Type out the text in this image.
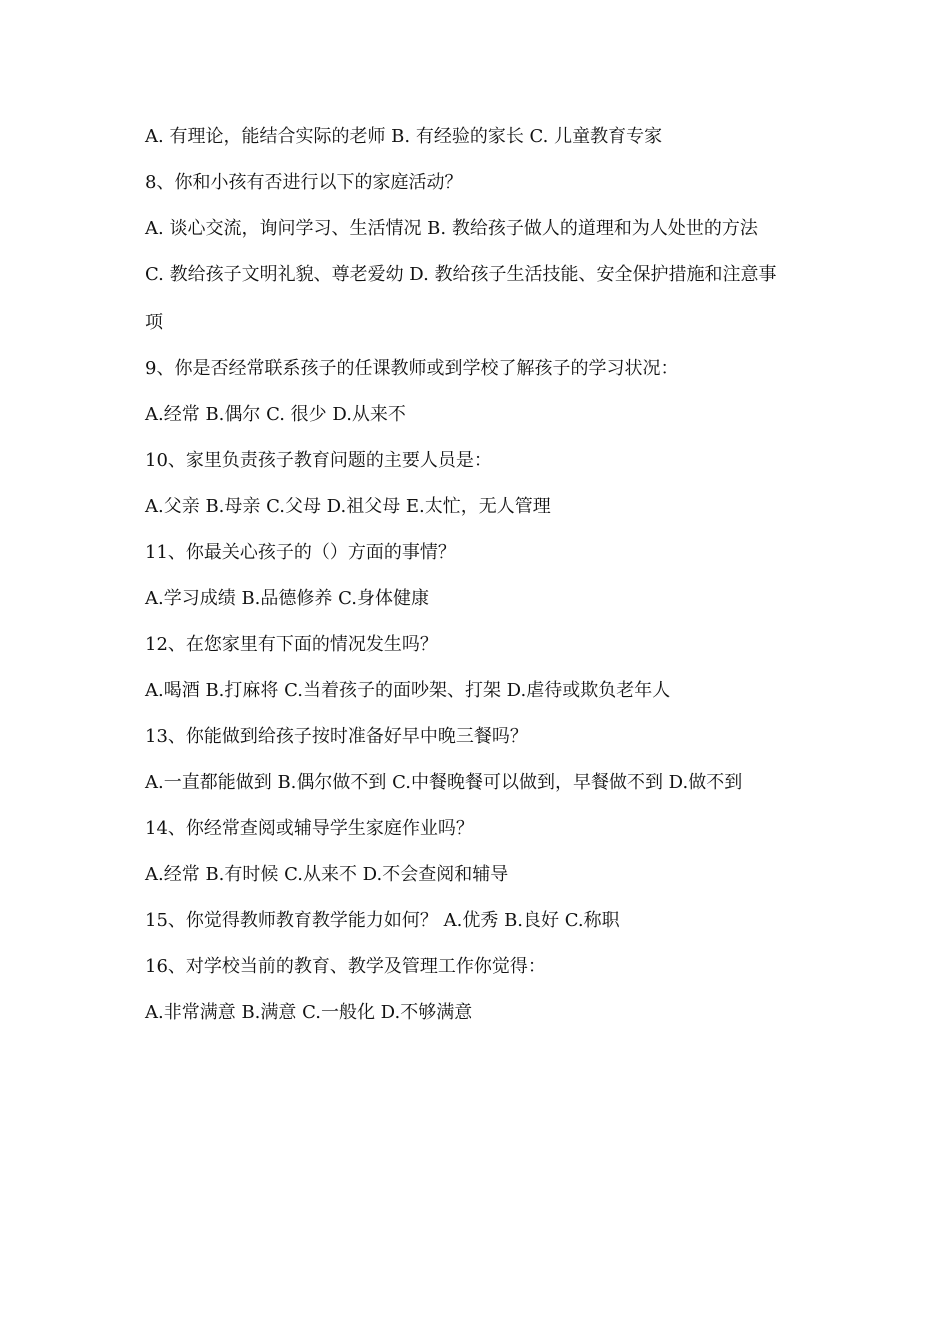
A. 有理论，能结合实际的老师 B. 有经验的家长 C. 儿童教育专家
8、你和小孩有否进行以下的家庭活动？
A. 谈心交流，询问学习、生活情况 B. 教给孩子做人的道理和为人处世的方法
C. 教给孩子文明礼貌、尊老爱幼 D. 教给孩子生活技能、安全保护措施和注意事
项
9、你是否经常联系孩子的任课教师或到学校了解孩子的学习状况：
A.经常 B.偶尔 C. 很少 D.从来不
10、家里负责孩子教育问题的主要人员是：
A.父亲 B.母亲 C.父母 D.祖父母 E.太忙，无人管理
11、你最关心孩子的（）方面的事情？
A.学习成绩 B.品德修养 C.身体健康
12、在您家里有下面的情况发生吗？
A.喝酒 B.打麻将 C.当着孩子的面吵架、打架 D.虐待或欺负老年人
13、你能做到给孩子按时准备好早中晚三餐吗？
A.一直都能做到 B.偶尔做不到 C.中餐晚餐可以做到，早餐做不到 D.做不到
14、你经常查阅或辅导学生家庭作业吗？
A.经常 B.有时候 C.从来不 D.不会查阅和辅导
15、你觉得教师教育教学能力如何？ A.优秀 B.良好 C.称职
16、对学校当前的教育、教学及管理工作你觉得：
A.非常满意 B.满意 C.一般化 D.不够满意
